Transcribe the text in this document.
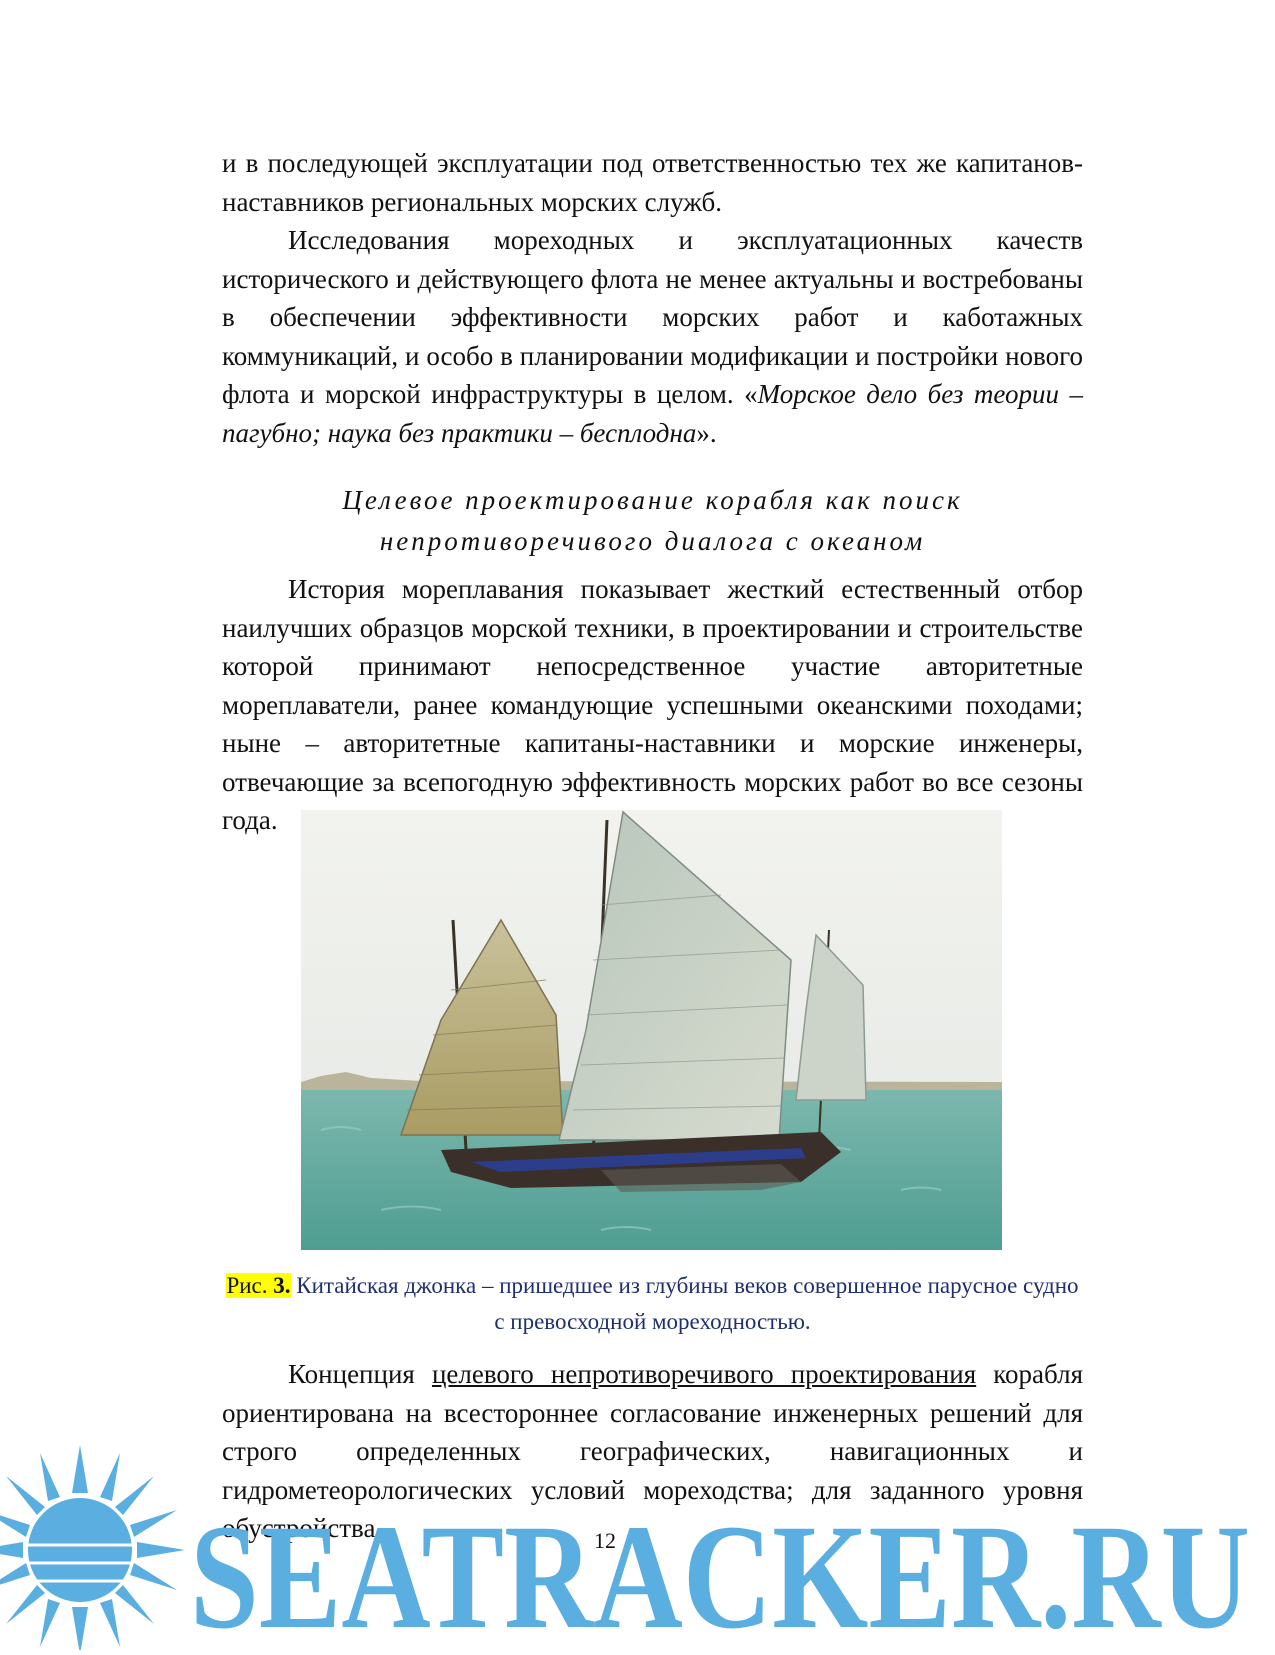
и в последующей эксплуатации под ответственностью тех же капитанов-наставников региональных морских служб.

Исследования мореходных и эксплуатационных качеств исторического и действующего флота не менее актуальны и востребованы в обеспечении эффективности морских работ и каботажных коммуникаций, и особо в планировании модификации и постройки нового флота и морской инфраструктуры в целом. «Морское дело без теории – пагубно; наука без практики – бесплодна».

Целевое проектирование корабля как поиск
непротиворечивого диалога с океаном

История мореплавания показывает жесткий естественный отбор наилучших образцов морской техники, в проектировании и строительстве которой принимают непосредственное участие авторитетные мореплаватели, ранее командующие успешными океанскими походами; ныне – авторитетные капитаны-наставники и морские инженеры, отвечающие за всепогодную эффективность морских работ во все сезоны года.

Рис. 3. Китайская джонка – пришедшее из глубины веков совершенное парусное судно с превосходной мореходностью.

Концепция целевого непротиворечивого проектирования корабля ориентирована на всестороннее согласование инженерных решений для строго определенных географических, навигационных и гидрометеорологических условий мореходства; для заданного уровня обустройства

SEATRACKER.RU
12
